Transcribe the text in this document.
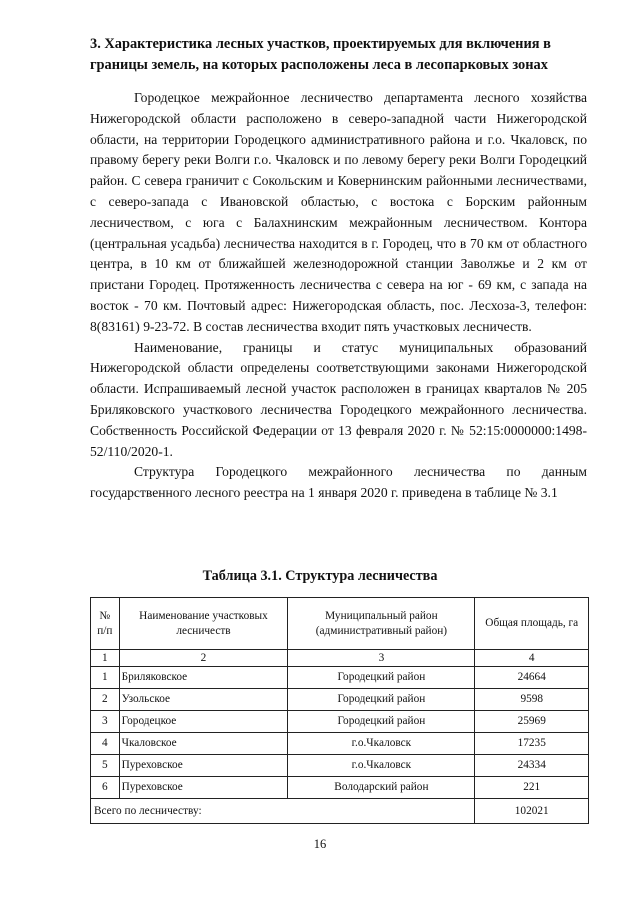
3. Характеристика лесных участков, проектируемых для включения в границы земель, на которых расположены леса в лесопарковых зонах

Городецкое межрайонное лесничество департамента лесного хозяйства Нижегородской области расположено в северо-западной части Нижегородской области, на территории Городецкого административного района и г.о. Чкаловск, по правому берегу реки Волги г.о. Чкаловск и по левому берегу реки Волги Городецкий район. С севера граничит с Сокольским и Ковернинским районными лесничествами, с северо-запада с Ивановской областью, с востока с Борским районным лесничеством, с юга с Балахнинским межрайонным лесничеством. Контора (центральная усадьба) лесничества находится в г. Городец, что в 70 км от областного центра, в 10 км от ближайшей железнодорожной станции Заволжье и 2 км от пристани Городец. Протяженность лесничества с севера на юг - 69 км, с запада на восток - 70 км. Почтовый адрес: Нижегородская область, пос. Лесхоза-3, телефон: 8(83161) 9-23-72. В состав лесничества входит пять участковых лесничеств.

Наименование, границы и статус муниципальных образований Нижегородской области определены соответствующими законами Нижегородской области. Испрашиваемый лесной участок расположен в границах кварталов № 205 Бриляковского участкового лесничества Городецкого межрайонного лесничества. Собственность Российской Федерации от 13 февраля 2020 г. № 52:15:0000000:1498-52/110/2020-1.

Структура Городецкого межрайонного лесничества по данным государственного лесного реестра на 1 января 2020 г. приведена в таблице № 3.1

Таблица 3.1. Структура лесничества
№ п/п	Наименование участковых лесничеств	Муниципальный район (административный район)	Общая площадь, га
1	2	3	4
1	Бриляковское	Городецкий район	24664
2	Узольское	Городецкий район	9598
3	Городецкое	Городецкий район	25969
4	Чкаловское	г.о.Чкаловск	17235
5	Пуреховское	г.о.Чкаловск	24334
6	Пуреховское	Володарский район	221
Всего по лесничеству:			102021
16
